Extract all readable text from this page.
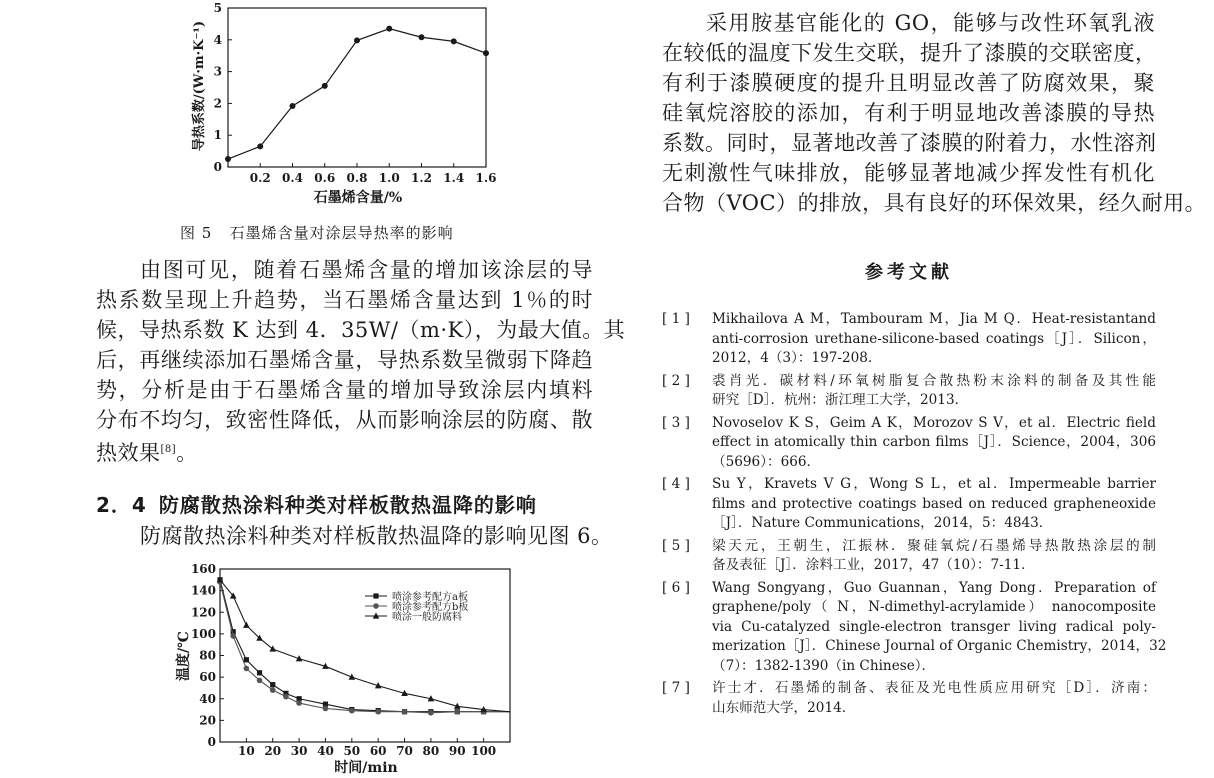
0
1
2
3
4
5
0.2 0.4 0.6 0.8 1.0 1.2 1.4 1.6
导热系数/(W·m·K⁻¹)
石墨烯含量/%
图 5   石墨烯含量对涂层导热率的影响
由图可见，随着石墨烯含量的增加该涂层的导
热系数呈现上升趋势，当石墨烯含量达到 1％的时
候，导热系数 K 达到 4．35W/（m·K），为最大值。其
后，再继续添加石墨烯含量，导热系数呈微弱下降趋
势，分析是由于石墨烯含量的增加导致涂层内填料
分布不均匀，致密性降低，从而影响涂层的防腐、散
热效果[8]。
2．4 防腐散热涂料种类对样板散热温降的影响
防腐散热涂料种类对样板散热温降的影响见图 6。
0
20
40
60
80
100
120
140
160
10 20 30 40 50 60 70 80 90 100
喷涂参考配方a板
喷涂参考配方b板
喷涂一般防腐料
温度/℃
时间/min
采用胺基官能化的 GO，能够与改性环氧乳液
在较低的温度下发生交联，提升了漆膜的交联密度，
有利于漆膜硬度的提升且明显改善了防腐效果，聚
硅氧烷溶胶的添加，有利于明显地改善漆膜的导热
系数。同时，显著地改善了漆膜的附着力，水性溶剂
无刺激性气味排放，能够显著地减少挥发性有机化
合物（VOC）的排放，具有良好的环保效果，经久耐用。
参考文献
[ 1 ] Mikhailova A M，Tambouram M，Jia M Q．Heat-resistantand
anti-corrosion urethane-silicone-based coatings［J］．Silicon，
2012，4（3）：197-208．
[ 2 ] 裘肖光．碳材料/环氧树脂复合散热粉末涂料的制备及其性能
研究［D］．杭州：浙江理工大学，2013．
[ 3 ] Novoselov K S，Geim A K，Morozov S V，et al．Electric field
effect in atomically thin carbon films［J］．Science，2004，306
（5696）：666．
[ 4 ] Su Y，Kravets V G，Wong S L，et al．Impermeable barrier
films and protective coatings based on reduced grapheneoxide
［J］．Nature Communications，2014，5：4843．
[ 5 ] 梁天元，王朝生，江振林．聚硅氧烷/石墨烯导热散热涂层的制
备及表征［J］．涂料工业，2017，47（10）：7-11．
[ 6 ] Wang Songyang，Guo Guannan，Yang Dong．Preparation of
graphene/poly（ N，N-dimethyl-acrylamide） nanocomposite
via Cu-catalyzed single-electron transger living radical poly-
merization［J］．Chinese Journal of Organic Chemistry，2014，32
（7）：1382-1390（in Chinese）．
[ 7 ] 许士才．石墨烯的制备、表征及光电性质应用研究［D］．济南：
山东师范大学，2014．
